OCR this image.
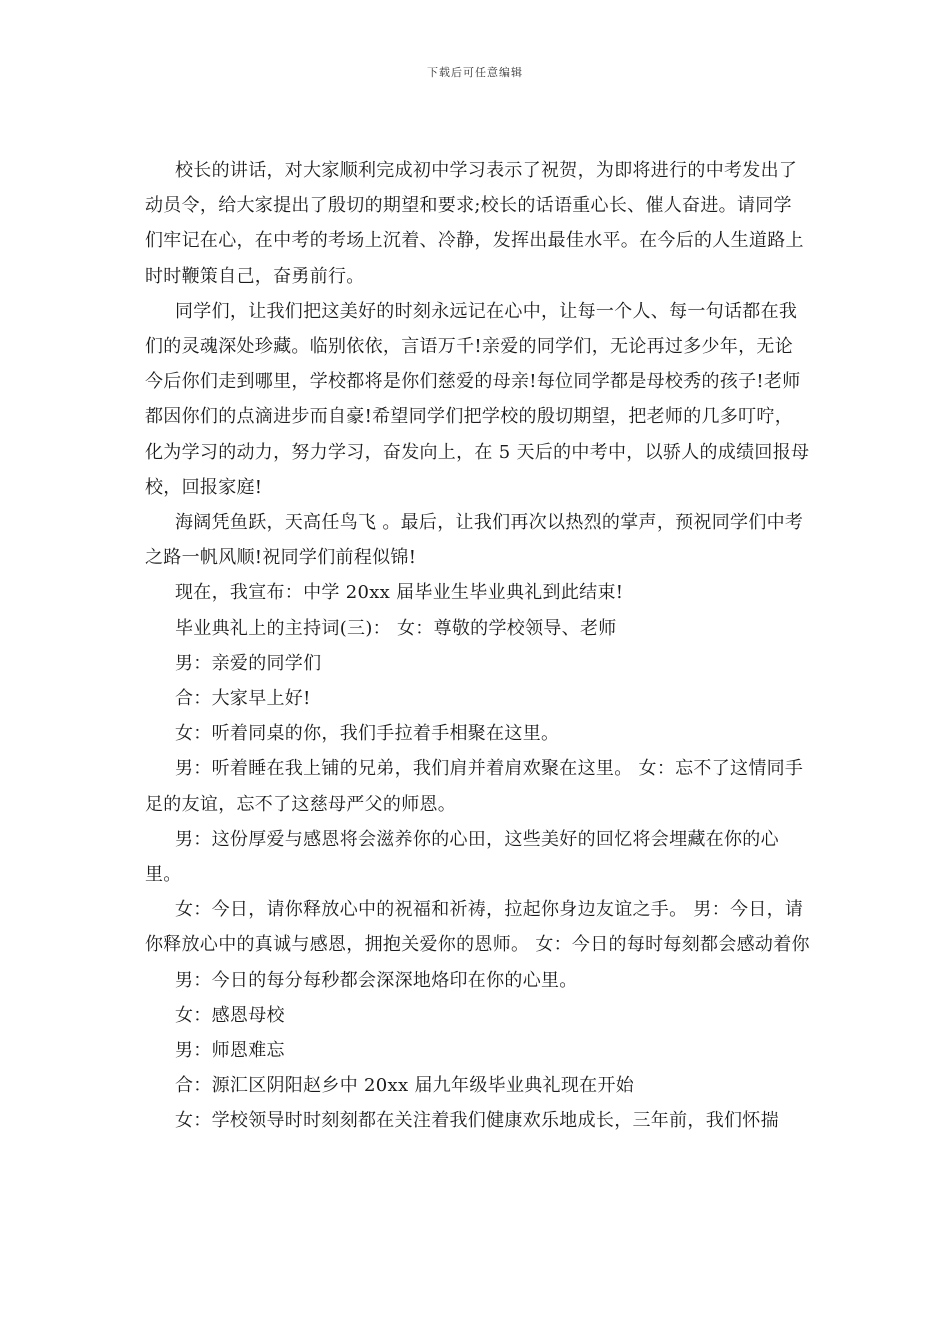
下载后可任意编辑

校长的讲话，对大家顺利完成初中学习表示了祝贺，为即将进行的中考发出了动员令，给大家提出了殷切的期望和要求;校长的话语重心长、催人奋进。请同学们牢记在心，在中考的考场上沉着、冷静，发挥出最佳水平。在今后的人生道路上时时鞭策自己，奋勇前行。

同学们，让我们把这美好的时刻永远记在心中，让每一个人、每一句话都在我们的灵魂深处珍藏。临别依依，言语万千!亲爱的同学们，无论再过多少年，无论今后你们走到哪里，学校都将是你们慈爱的母亲!每位同学都是母校秀的孩子!老师都因你们的点滴进步而自豪!希望同学们把学校的殷切期望，把老师的几多叮咛，化为学习的动力，努力学习，奋发向上，在 5 天后的中考中，以骄人的成绩回报母校，回报家庭!

海阔凭鱼跃，天高任鸟飞 。最后，让我们再次以热烈的掌声，预祝同学们中考之路一帆风顺!祝同学们前程似锦!

现在，我宣布：中学 20xx 届毕业生毕业典礼到此结束!

毕业典礼上的主持词(三)： 女：尊敬的学校领导、老师

男：亲爱的同学们

合：大家早上好!

女：听着同桌的你，我们手拉着手相聚在这里。

男：听着睡在我上铺的兄弟，我们肩并着肩欢聚在这里。 女：忘不了这情同手足的友谊，忘不了这慈母严父的师恩。

男：这份厚爱与感恩将会滋养你的心田，这些美好的回忆将会埋藏在你的心里。

女：今日，请你释放心中的祝福和祈祷，拉起你身边友谊之手。 男：今日，请你释放心中的真诚与感恩，拥抱关爱你的恩师。 女：今日的每时每刻都会感动着你

男：今日的每分每秒都会深深地烙印在你的心里。

女：感恩母校

男：师恩难忘

合：源汇区阴阳赵乡中 20xx 届九年级毕业典礼现在开始

女：学校领导时时刻刻都在关注着我们健康欢乐地成长，三年前，我们怀揣
